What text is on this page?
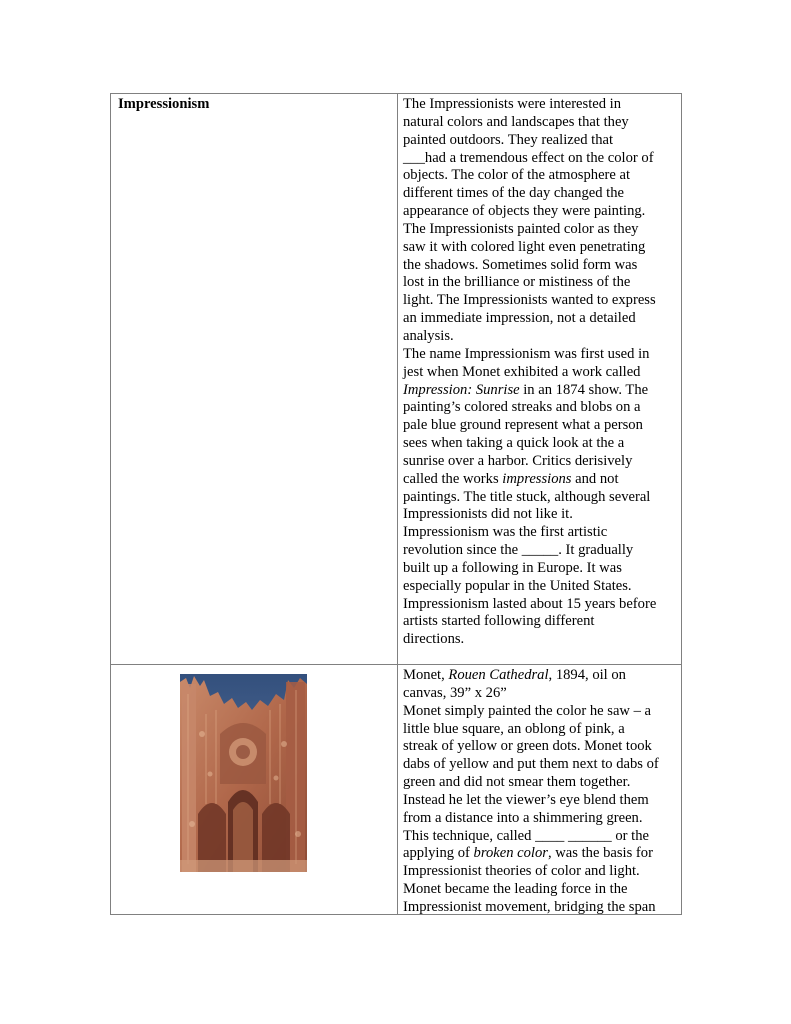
Impressionism	The Impressionists were interested in
natural colors and landscapes that they
painted outdoors. They realized that
___had a tremendous effect on the color of
objects. The color of the atmosphere at
different times of the day changed the
appearance of objects they were painting.
The Impressionists painted color as they
saw it with colored light even penetrating
the shadows. Sometimes solid form was
lost in the brilliance or mistiness of the
light. The Impressionists wanted to express
an immediate impression, not a detailed
analysis.
The name Impressionism was first used in
jest when Monet exhibited a work called
Impression: Sunrise in an 1874 show. The
painting’s colored streaks and blobs on a
pale blue ground represent what a person
sees when taking a quick look at the a
sunrise over a harbor. Critics derisively
called the works impressions and not
paintings. The title stuck, although several
Impressionists did not like it.
Impressionism was the first artistic
revolution since the _____. It gradually
built up a following in Europe. It was
especially popular in the United States.
Impressionism lasted about 15 years before
artists started following different
directions.
Monet, Rouen Cathedral, 1894, oil on
canvas, 39” x 26”
Monet simply painted the color he saw – a
little blue square, an oblong of pink, a
streak of yellow or green dots. Monet took
dabs of yellow and put them next to dabs of
green and did not smear them together.
Instead he let the viewer’s eye blend them
from a distance into a shimmering green.
This technique, called ____ ______ or the
applying of broken color, was the basis for
Impressionist theories of color and light.
Monet became the leading force in the
Impressionist movement, bridging the span
